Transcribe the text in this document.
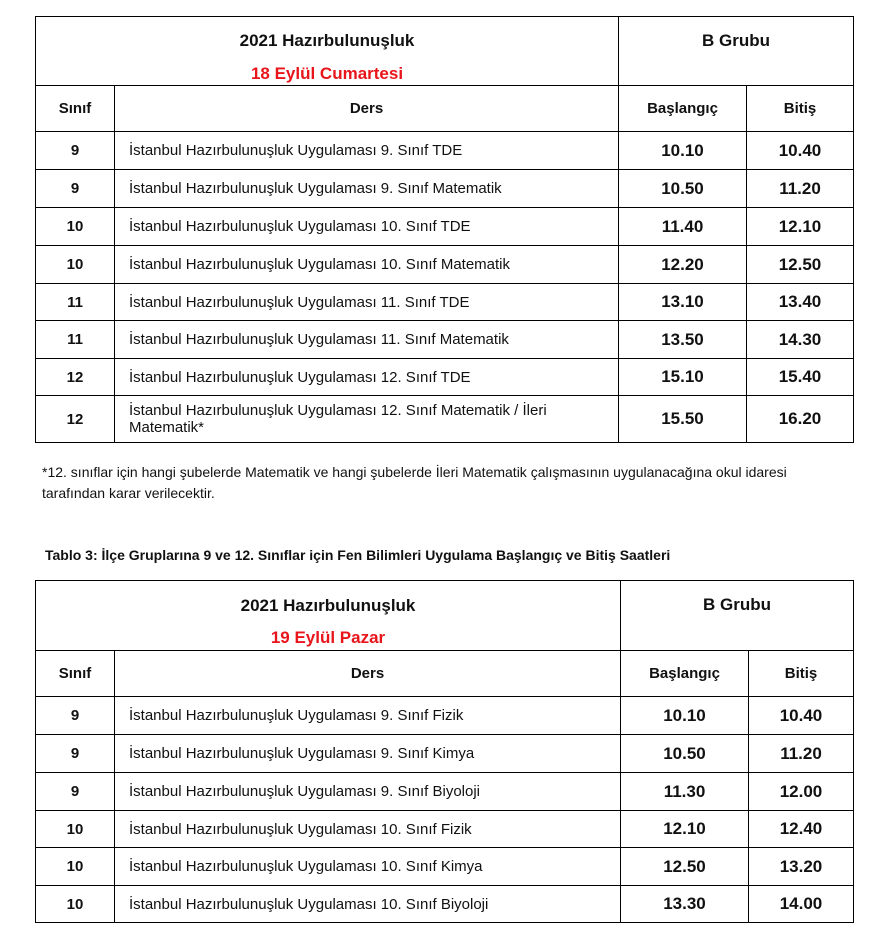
2021 Hazırbulunuşluk
18 Eylül Cumartesi		B Grubu	
Sınıf	Ders	Başlangıç	Bitiş
9	İstanbul Hazırbulunuşluk Uygulaması 9. Sınıf TDE	10.10	10.40
9	İstanbul Hazırbulunuşluk Uygulaması 9. Sınıf Matematik	10.50	11.20
10	İstanbul Hazırbulunuşluk Uygulaması 10. Sınıf TDE	11.40	12.10
10	İstanbul Hazırbulunuşluk Uygulaması 10. Sınıf Matematik	12.20	12.50
11	İstanbul Hazırbulunuşluk Uygulaması 11. Sınıf TDE	13.10	13.40
11	İstanbul Hazırbulunuşluk Uygulaması 11. Sınıf Matematik	13.50	14.30
12	İstanbul Hazırbulunuşluk Uygulaması 12. Sınıf TDE	15.10	15.40
12	İstanbul Hazırbulunuşluk Uygulaması 12. Sınıf Matematik / İleri Matematik*	15.50	16.20
*12. sınıflar için hangi şubelerde Matematik ve hangi şubelerde İleri Matematik çalışmasının uygulanacağına okul idaresi tarafından karar verilecektir.
Tablo 3: İlçe Gruplarına 9 ve 12. Sınıflar için Fen Bilimleri Uygulama Başlangıç ve Bitiş Saatleri
2021 Hazırbulunuşluk
19 Eylül Pazar		B Grubu	
Sınıf	Ders	Başlangıç	Bitiş
9	İstanbul Hazırbulunuşluk Uygulaması 9. Sınıf Fizik	10.10	10.40
9	İstanbul Hazırbulunuşluk Uygulaması 9. Sınıf Kimya	10.50	11.20
9	İstanbul Hazırbulunuşluk Uygulaması 9. Sınıf Biyoloji	11.30	12.00
10	İstanbul Hazırbulunuşluk Uygulaması 10. Sınıf Fizik	12.10	12.40
10	İstanbul Hazırbulunuşluk Uygulaması 10. Sınıf Kimya	12.50	13.20
10	İstanbul Hazırbulunuşluk Uygulaması 10. Sınıf Biyoloji	13.30	14.00
